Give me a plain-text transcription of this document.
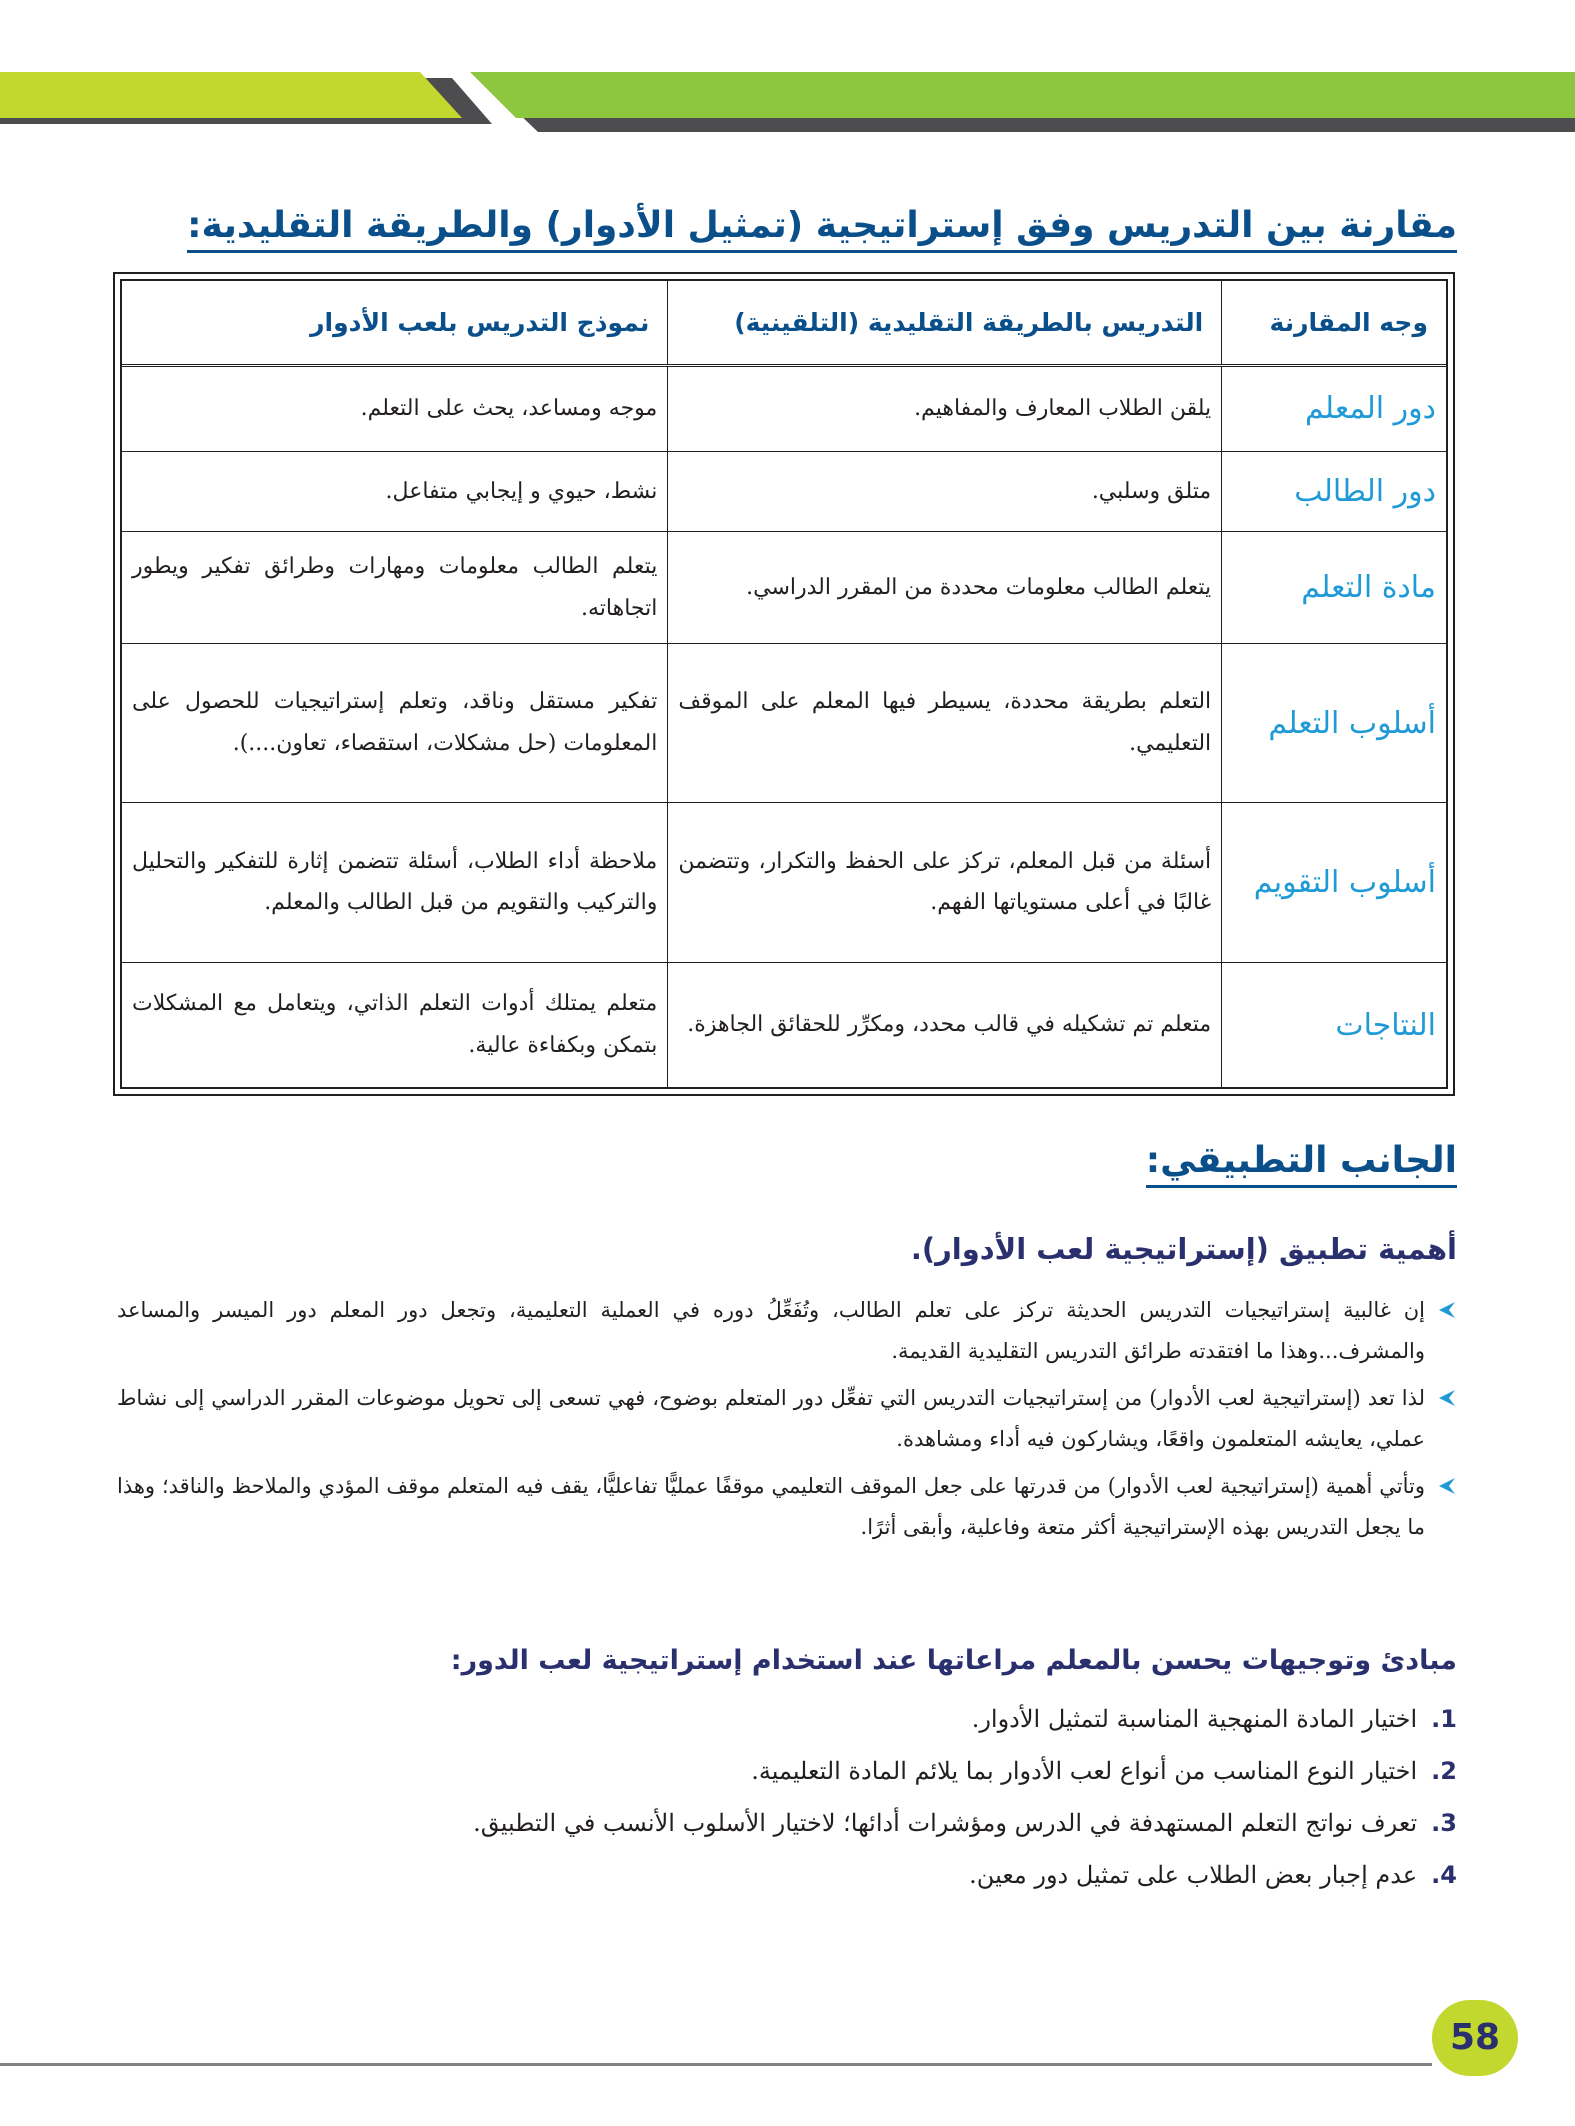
مقارنة بين التدريس وفق إستراتيجية (تمثيل الأدوار) والطريقة التقليدية:
وجه المقارنة	التدريس بالطريقة التقليدية (التلقينية)	نموذج التدريس بلعب الأدوار
دور المعلم	يلقن الطلاب المعارف والمفاهيم.	موجه ومساعد، يحث على التعلم.
دور الطالب	متلق وسلبي.	نشط، حيوي و إيجابي متفاعل.
مادة التعلم	يتعلم الطالب معلومات محددة من المقرر الدراسي.	يتعلم الطالب معلومات ومهارات وطرائق تفكير ويطور اتجاهاته.
أسلوب التعلم	التعلم بطريقة محددة، يسيطر فيها المعلم على الموقف التعليمي.	تفكير مستقل وناقد، وتعلم إستراتيجيات للحصول على المعلومات (حل مشكلات، استقصاء، تعاون....).
أسلوب التقويم	أسئلة من قبل المعلم، تركز على الحفظ والتكرار، وتتضمن غالبًا في أعلى مستوياتها الفهم.	ملاحظة أداء الطلاب، أسئلة تتضمن إثارة للتفكير والتحليل والتركيب والتقويم من قبل الطالب والمعلم.
النتاجات	متعلم تم تشكيله في قالب محدد، ومكرِّر للحقائق الجاهزة.	متعلم يمتلك أدوات التعلم الذاتي، ويتعامل مع المشكلات بتمكن وبكفاءة عالية.
الجانب التطبيقي:
أهمية تطبيق (إستراتيجية لعب الأدوار).
إن غالبية إستراتيجيات التدريس الحديثة تركز على تعلم الطالب، وتُفَعِّلُ دوره في العملية التعليمية، وتجعل دور المعلم دور الميسر والمساعد والمشرف...وهذا ما افتقدته طرائق التدريس التقليدية القديمة.
لذا تعد (إستراتيجية لعب الأدوار) من إستراتيجيات التدريس التي تفعِّل دور المتعلم بوضوح، فهي تسعى إلى تحويل موضوعات المقرر الدراسي إلى نشاط عملي، يعايشه المتعلمون واقعًا، ويشاركون فيه أداء ومشاهدة.
وتأتي أهمية (إستراتيجية لعب الأدوار) من قدرتها على جعل الموقف التعليمي موقفًا عمليًّا تفاعليًّا، يقف فيه المتعلم موقف المؤدي والملاحظ والناقد؛ وهذا ما يجعل التدريس بهذه الإستراتيجية أكثر متعة وفاعلية، وأبقى أثرًا.
مبادئ وتوجيهات يحسن بالمعلم مراعاتها عند استخدام إستراتيجية لعب الدور:
1.
اختيار المادة المنهجية المناسبة لتمثيل الأدوار.
2.
اختيار النوع المناسب من أنواع لعب الأدوار بما يلائم المادة التعليمية.
3.
تعرف نواتج التعلم المستهدفة في الدرس ومؤشرات أدائها؛ لاختيار الأسلوب الأنسب في التطبيق.
4.
عدم إجبار بعض الطلاب على تمثيل دور معين.
58
